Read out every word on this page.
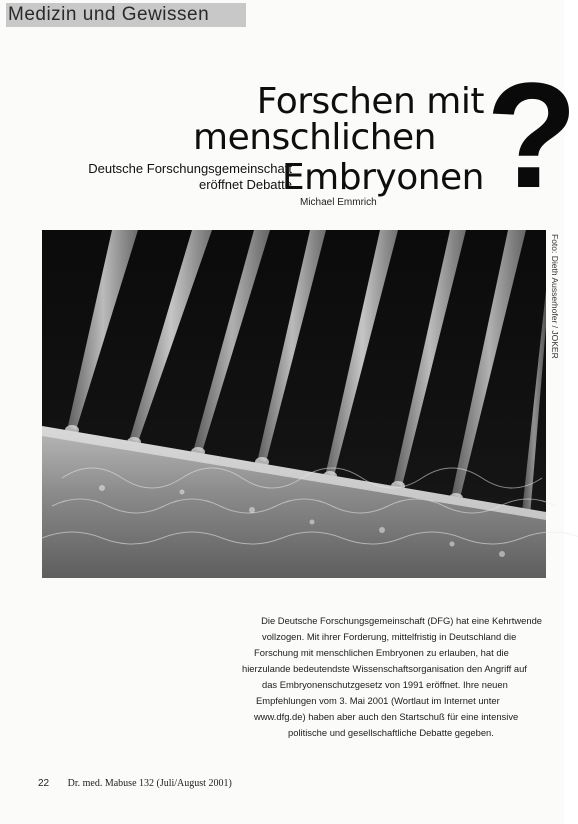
Medizin und Gewissen
Forschen mit
menschlichen
Embryonen ?
Deutsche Forschungsgemeinschaft
eröffnet Debatte
Michael Emmrich
Foto: Dieth Ausserhofer / JOKER
Die Deutsche Forschungsgemeinschaft (DFG) hat eine Kehrtwende
vollzogen. Mit ihrer Forderung, mittelfristig in Deutschland die
Forschung mit menschlichen Embryonen zu erlauben, hat die
hierzulande bedeutendste Wissenschaftsorganisation den Angriff auf
das Embryonenschutzgesetz von 1991 eröffnet. Ihre neuen
Empfehlungen vom 3. Mai 2001 (Wortlaut im Internet unter
www.dfg.de) haben aber auch den Startschuß für eine intensive
politische und gesellschaftliche Debatte gegeben.
22 Dr. med. Mabuse 132 (Juli/August 2001)
